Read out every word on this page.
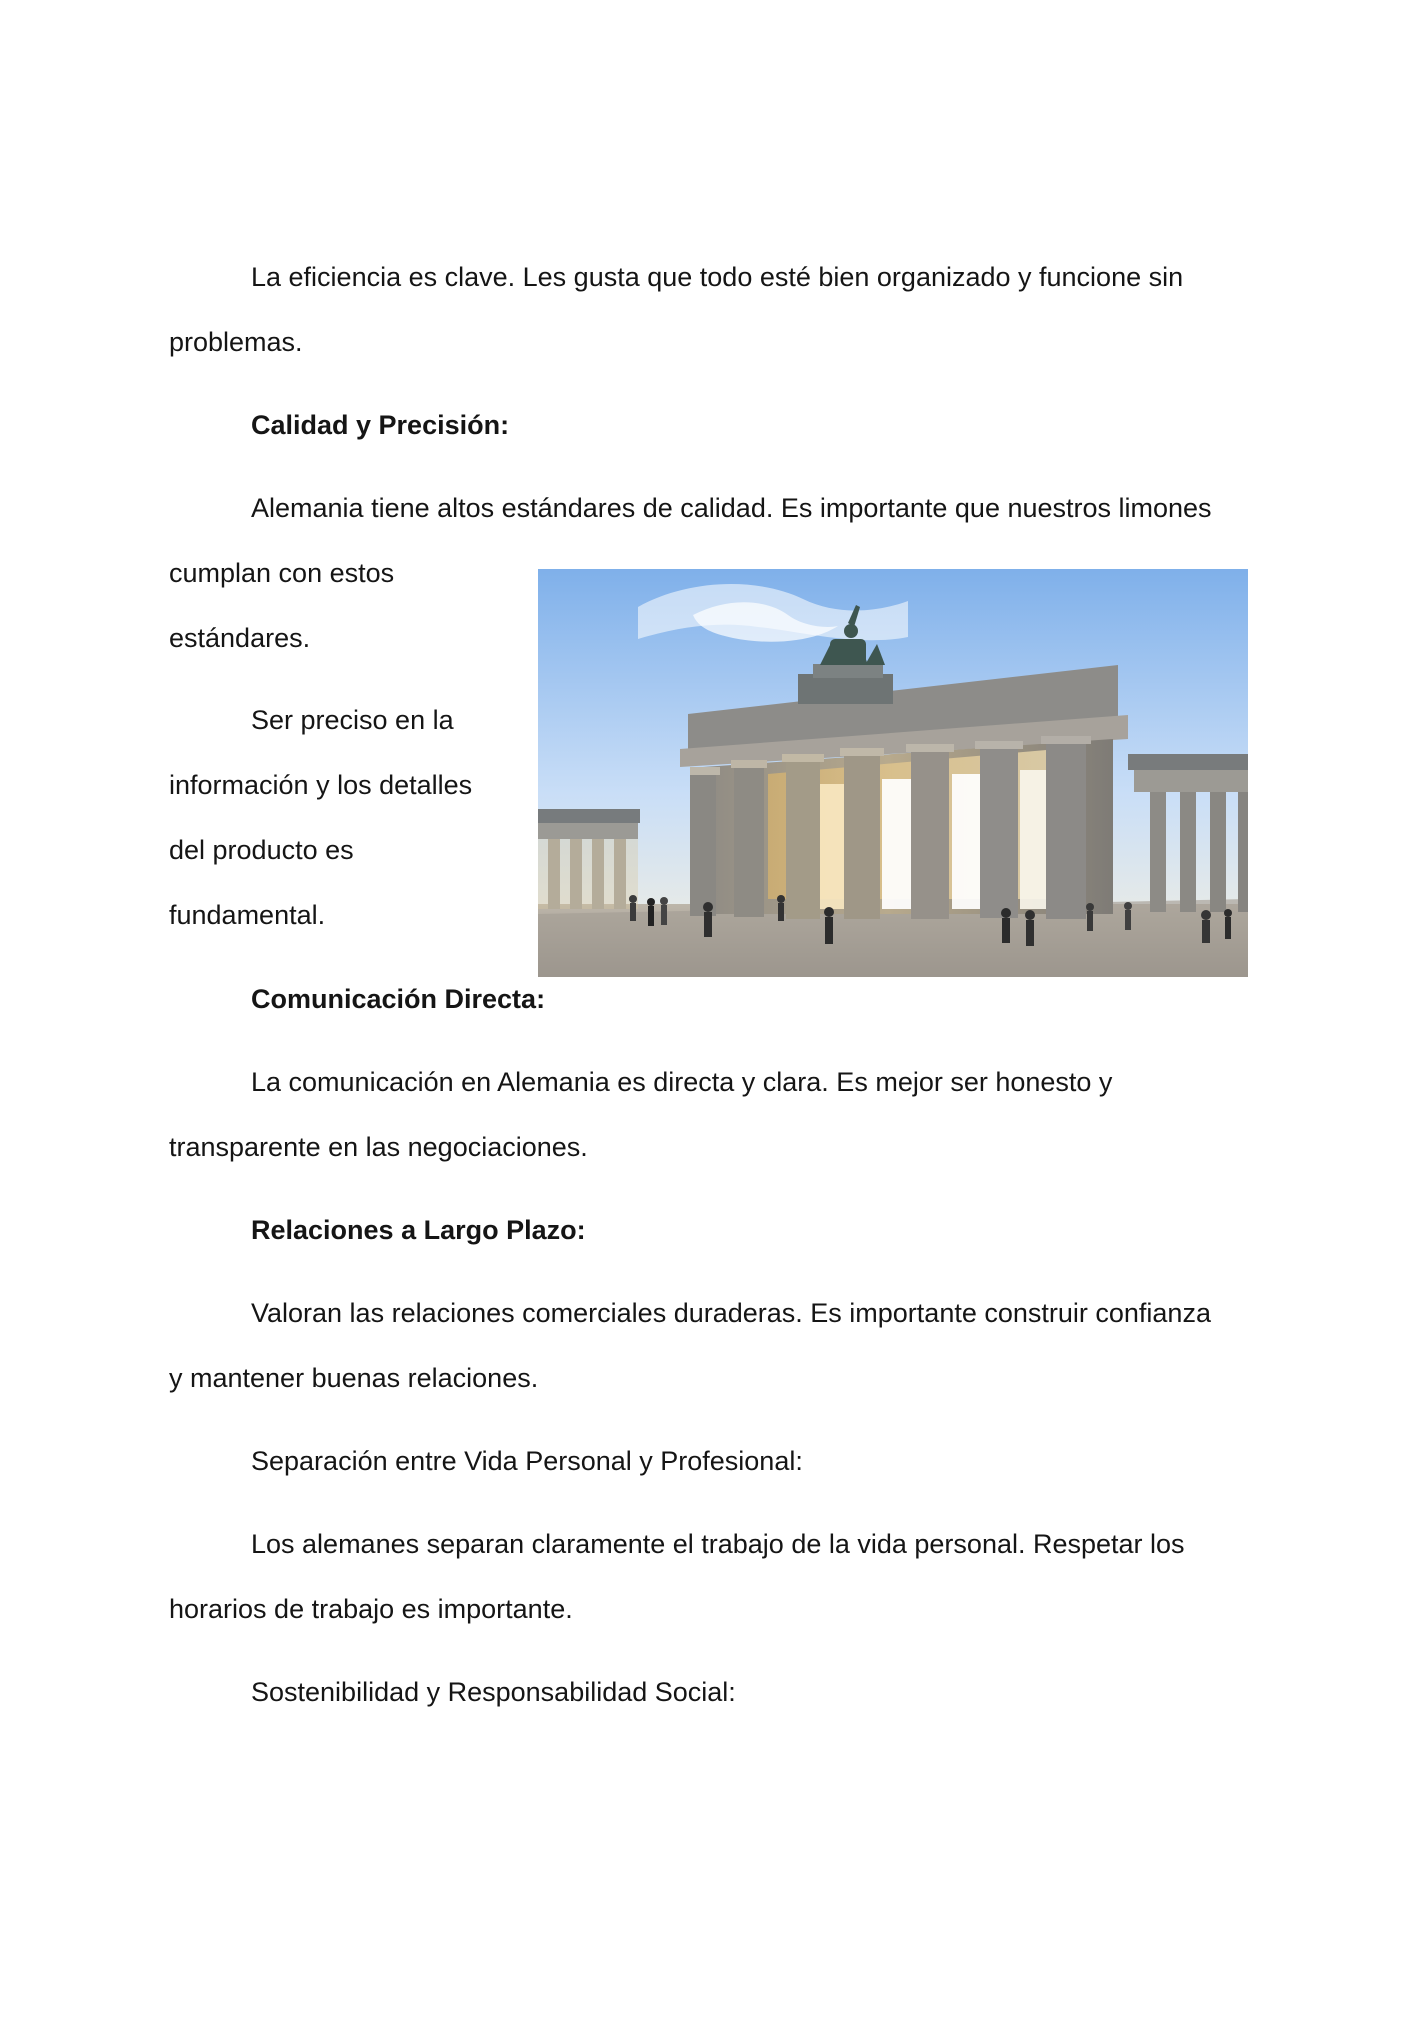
La eficiencia es clave. Les gusta que todo esté bien organizado y funcione sin
problemas.
Calidad y Precisión:
Alemania tiene altos estándares de calidad. Es importante que nuestros limones
cumplan con estos
estándares.
Ser preciso en la
información y los detalles
del producto es
fundamental.
Comunicación Directa:
La comunicación en Alemania es directa y clara. Es mejor ser honesto y
transparente en las negociaciones.
Relaciones a Largo Plazo:
Valoran las relaciones comerciales duraderas. Es importante construir confianza
y mantener buenas relaciones.
Separación entre Vida Personal y Profesional:
Los alemanes separan claramente el trabajo de la vida personal. Respetar los
horarios de trabajo es importante.
Sostenibilidad y Responsabilidad Social:
